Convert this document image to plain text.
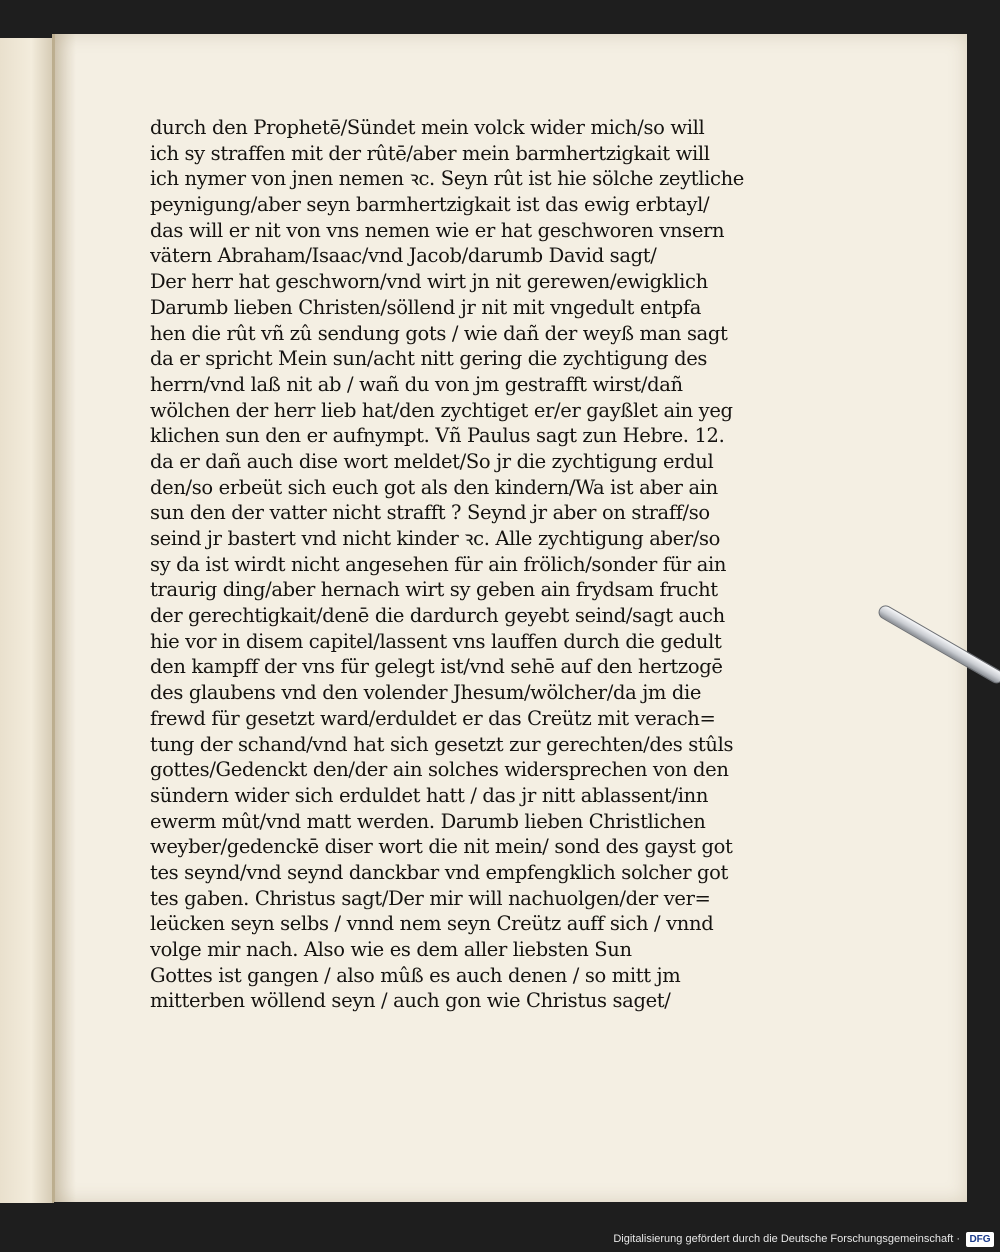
durch den Prophetē/Sündet mein volck wider mich/so will
ich sy straffen mit der rûtē/aber mein barmhertzigkait will
ich nymer von jnen nemen ꝛc. Seyn rût ist hie sölche zeytliche
peynigung/aber seyn barmhertzigkait ist das ewig erbtayl/
das will er nit von vns nemen wie er hat geschworen vnsern
vätern Abraham/Isaac/vnd Jacob/darumb David sagt/
Der herr hat geschworn/vnd wirt jn nit gerewen/ewigklich
Darumb lieben Christen/söllend jr nit mit vngedult entpfa
hen die rût vñ zû sendung gots / wie dañ der weyß man sagt
da er spricht Mein sun/acht nitt gering die zychtigung des
herrn/vnd laß nit ab / wañ du von jm gestrafft wirst/dañ
wölchen der herr lieb hat/den zychtiget er/er gayßlet ain yeg
klichen sun den er aufnympt. Vñ Paulus sagt zun Hebre. 12.
da er dañ auch dise wort meldet/So jr die zychtigung erdul
den/so erbeüt sich euch got als den kindern/Wa ist aber ain
sun den der vatter nicht strafft ? Seynd jr aber on straff/so
seind jr bastert vnd nicht kinder ꝛc. Alle zychtigung aber/so
sy da ist wirdt nicht angesehen für ain frölich/sonder für ain
traurig ding/aber hernach wirt sy geben ain frydsam frucht
der gerechtigkait/denē die dardurch geyebt seind/sagt auch
hie vor in disem capitel/lassent vns lauffen durch die gedult
den kampff der vns für gelegt ist/vnd sehē auf den hertzogē
des glaubens vnd den volender Jhesum/wölcher/da jm die
frewd für gesetzt ward/erduldet er das Creütz mit verach=
tung der schand/vnd hat sich gesetzt zur gerechten/des stûls
gottes/Gedenckt den/der ain solches widersprechen von den
sündern wider sich erduldet hatt / das jr nitt ablassent/inn
ewerm mût/vnd matt werden. Darumb lieben Christlichen
weyber/gedenckē diser wort die nit mein/ sond des gayst got
tes seynd/vnd seynd danckbar vnd empfengklich solcher got
tes gaben. Christus sagt/Der mir will nachuolgen/der ver=
leücken seyn selbs / vnnd nem seyn Creütz auff sich / vnnd
volge mir nach. Also wie es dem aller liebsten Sun
Gottes ist gangen / also mûß es auch denen / so mitt jm
mitterben wöllend seyn / auch gon wie Christus saget/
Digitalisierung gefördert durch die Deutsche Forschungsgemeinschaft · DFG
